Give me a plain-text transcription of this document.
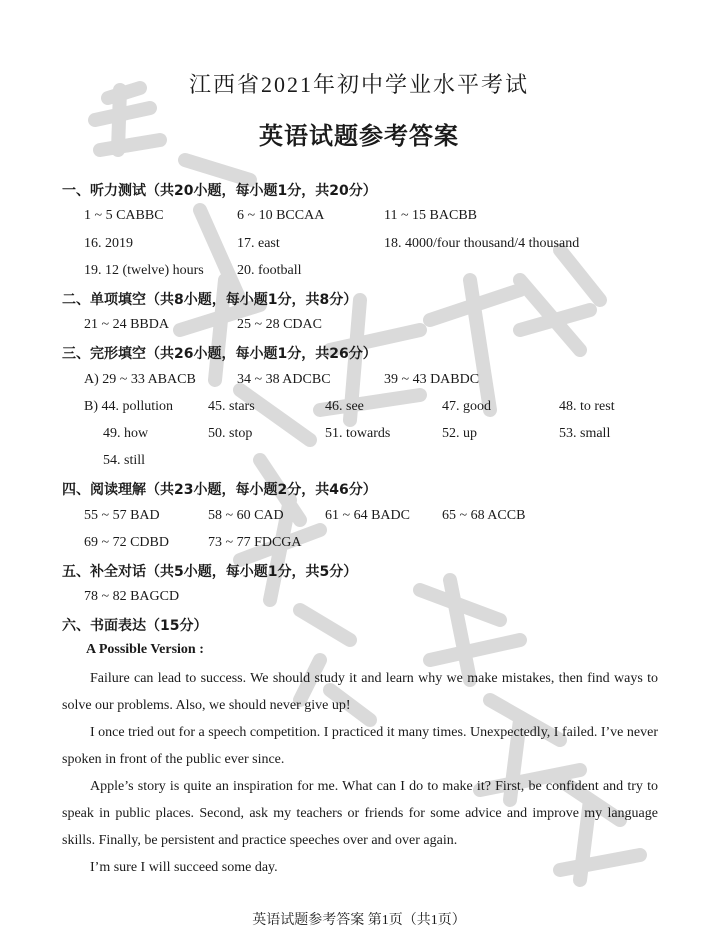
江西省2021年初中学业水平考试
英语试题参考答案
一、听力测试（共20小题，每小题1分，共20分）
1 ~ 5 CABBC	6 ~ 10 BCCAA	11 ~ 15 BACBB
16. 2019	17. east	18. 4000/four thousand/4 thousand
19. 12 (twelve) hours 20. football
二、单项填空（共8小题，每小题1分，共8分）
21 ~ 24 BBDA	25 ~ 28 CDAC
三、完形填空（共26小题，每小题1分，共26分）
A) 29 ~ 33 ABACB	34 ~ 38 ADCBC	39 ~ 43 DABDC
B) 44. pollution 45. stars	46. see	47. good	48. to rest
49. how	50. stop	51. towards	52. up	53. small
54. still
四、阅读理解（共23小题，每小题2分，共46分）
55 ~ 57 BAD	58 ~ 60 CAD	61 ~ 64 BADC 65 ~ 68 ACCB
69 ~ 72 CDBD	73 ~ 77 FDCGA
五、补全对话（共5小题，每小题1分，共5分）
78 ~ 82 BAGCD
六、书面表达（15分）
A Possible Version :
Failure can lead to success. We should study it and learn why we make mistakes, then find ways to solve our problems. Also, we should never give up!
I once tried out for a speech competition. I practiced it many times. Unexpectedly, I failed. I’ve never spoken in front of the public ever since.
Apple’s story is quite an inspiration for me. What can I do to make it? First, be confident and try to speak in public places. Second, ask my teachers or friends for some advice and improve my language skills. Finally, be persistent and practice speeches over and over again.
I’m sure I will succeed some day.
英语试题参考答案 第1页（共1页）
